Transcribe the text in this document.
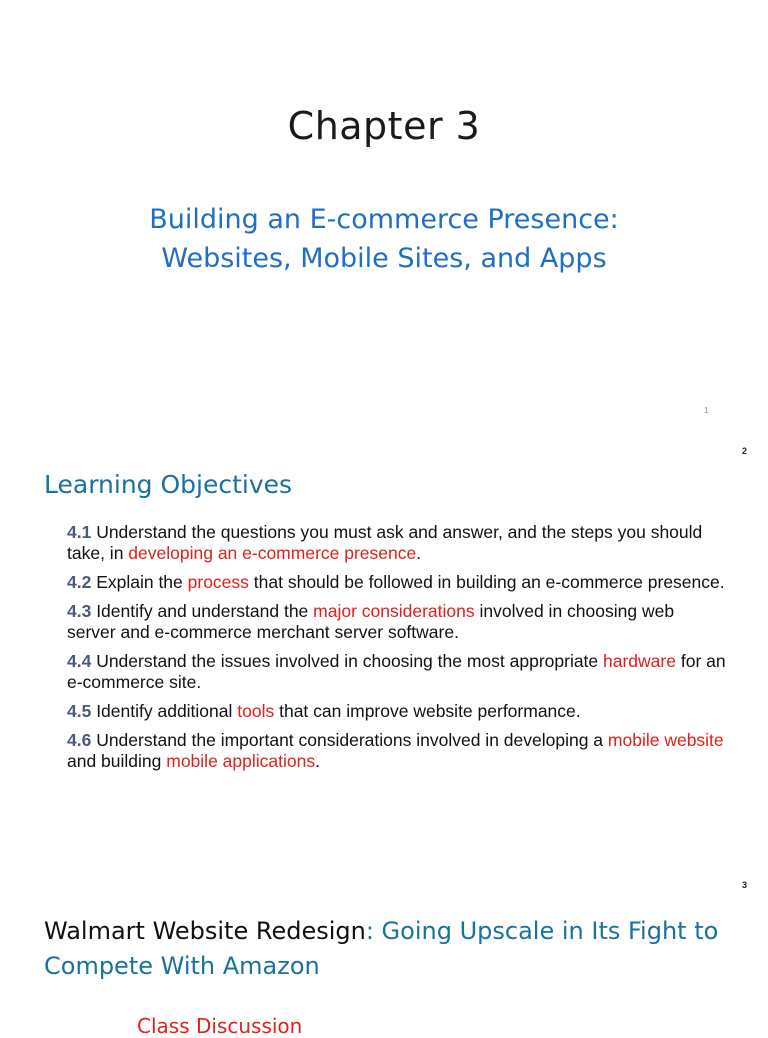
Chapter 3
Building an E-commerce Presence:
Websites, Mobile Sites, and Apps
1
2
Learning Objectives
4.1 Understand the questions you must ask and answer, and the steps you should take, in developing an e-commerce presence.
4.2 Explain the process that should be followed in building an e-commerce presence.
4.3 Identify and understand the major considerations involved in choosing web server and e-commerce merchant server software.
4.4 Understand the issues involved in choosing the most appropriate hardware for an e-commerce site.
4.5 Identify additional tools that can improve website performance.
4.6 Understand the important considerations involved in developing a mobile website and building mobile applications.
3
Walmart Website Redesign: Going Upscale in Its Fight to Compete With Amazon
Class Discussion
